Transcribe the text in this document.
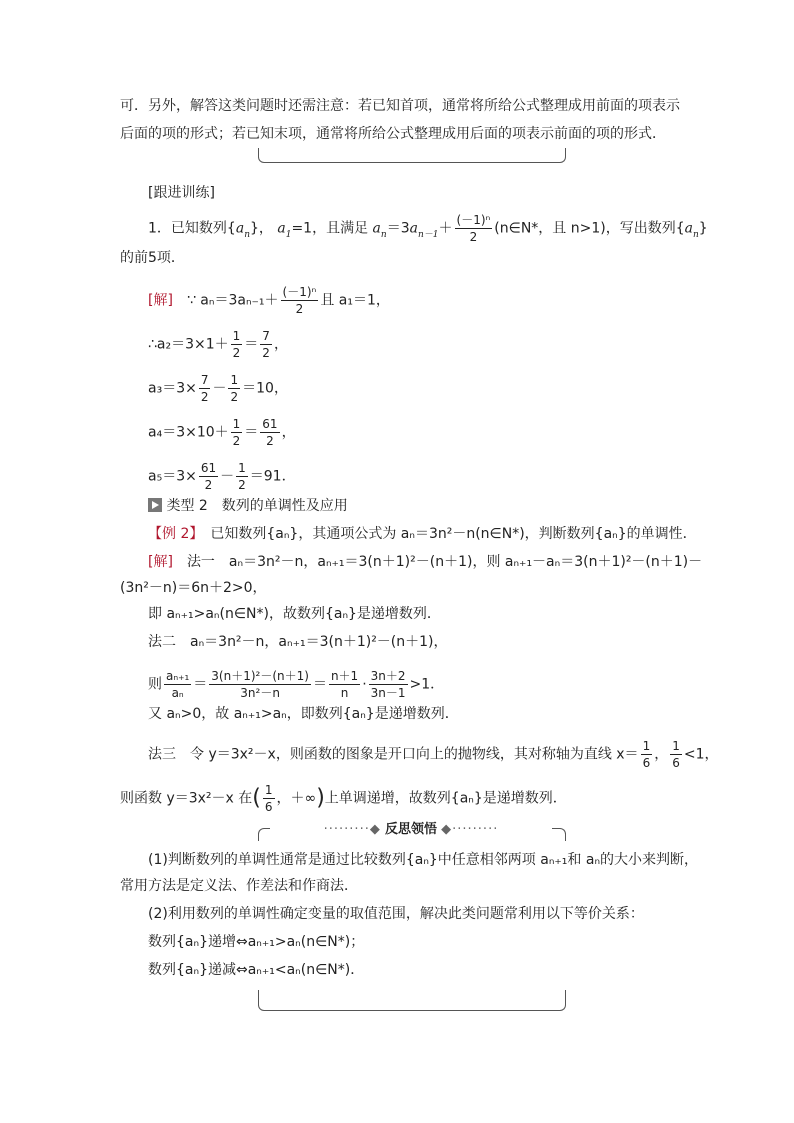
可．另外，解答这类问题时还需注意：若已知首项，通常将所给公式整理成用前面的项表示
后面的项的形式；若已知末项，通常将所给公式整理成用后面的项表示前面的项的形式．
[跟进训练]
1．已知数列$\{a_n\}$， $a_1=1$，且满足 $a_n=3a_{n-1}+ \frac{\text{(－1)ⁿ}}{2}$ (n∈N*，且 n>1)，写出数列$\{a_n\}$
的前5项．
[解]　 ∵ $a_n=3a_{n-1}+ \frac{\text{(－1)ⁿ}}{2}$ 且 a₁＝1，
∴a₂＝3×1＋ $\frac{1}{2} = \frac{7}{2}$ ，
$a_3=3\times \frac{7}{2} - \frac{1}{2} =10$，
$a_4=3\times 10+ \frac{1}{2} = \frac{61}{2}$ ，
$a_5=3\times \frac{61}{2} - \frac{1}{2} =91$．
类型 2　数列的单调性及应用
【例 2】　 已知数列{aₙ}，其通项公式为 aₙ＝3n²－n(n∈N*)，判断数列{aₙ}的单调性．
[解]　 法一　aₙ＝3n²－n，aₙ₊₁＝3(n＋1)²－(n＋1)，则 aₙ₊₁－aₙ＝3(n＋1)²－(n＋1)－
(3n²－n)＝6n＋2>0，
即 aₙ₊₁>aₙ(n∈N*)，故数列{aₙ}是递增数列．
法二　aₙ＝3n²－n，aₙ₊₁＝3(n＋1)²－(n＋1)，
则 $\frac{\text{aₙ₊₁}}{\text{aₙ}} = \frac{\text{3(n＋1)²－(n＋1)}}{\text{3n²－n}} = \frac{n+1}{n} \cdot \frac{3n+2}{3n-1} >1$．
又 aₙ>0，故 aₙ₊₁>aₙ，即数列{aₙ}是递增数列．
法三　令 y＝3x²－x，则函数的图象是开口向上的抛物线，其对称轴为直线 $x= \frac{1}{6}$ ， $\frac{1}{6} <1$，
则函数 y＝3x²－x 在( $\frac{1}{6}$ ，＋∞)上单调递增，故数列{aₙ}是递增数列．
·········◆ 反思领悟 ◆·········
(1)判断数列的单调性通常是通过比较数列{aₙ}中任意相邻两项 aₙ₊₁和 aₙ的大小来判断，
常用方法是定义法、作差法和作商法．
(2)利用数列的单调性确定变量的取值范围，解决此类问题常利用以下等价关系：
数列{aₙ}递增⇔aₙ₊₁>aₙ(n∈N*)；
数列{aₙ}递减⇔aₙ₊₁<aₙ(n∈N*)．
